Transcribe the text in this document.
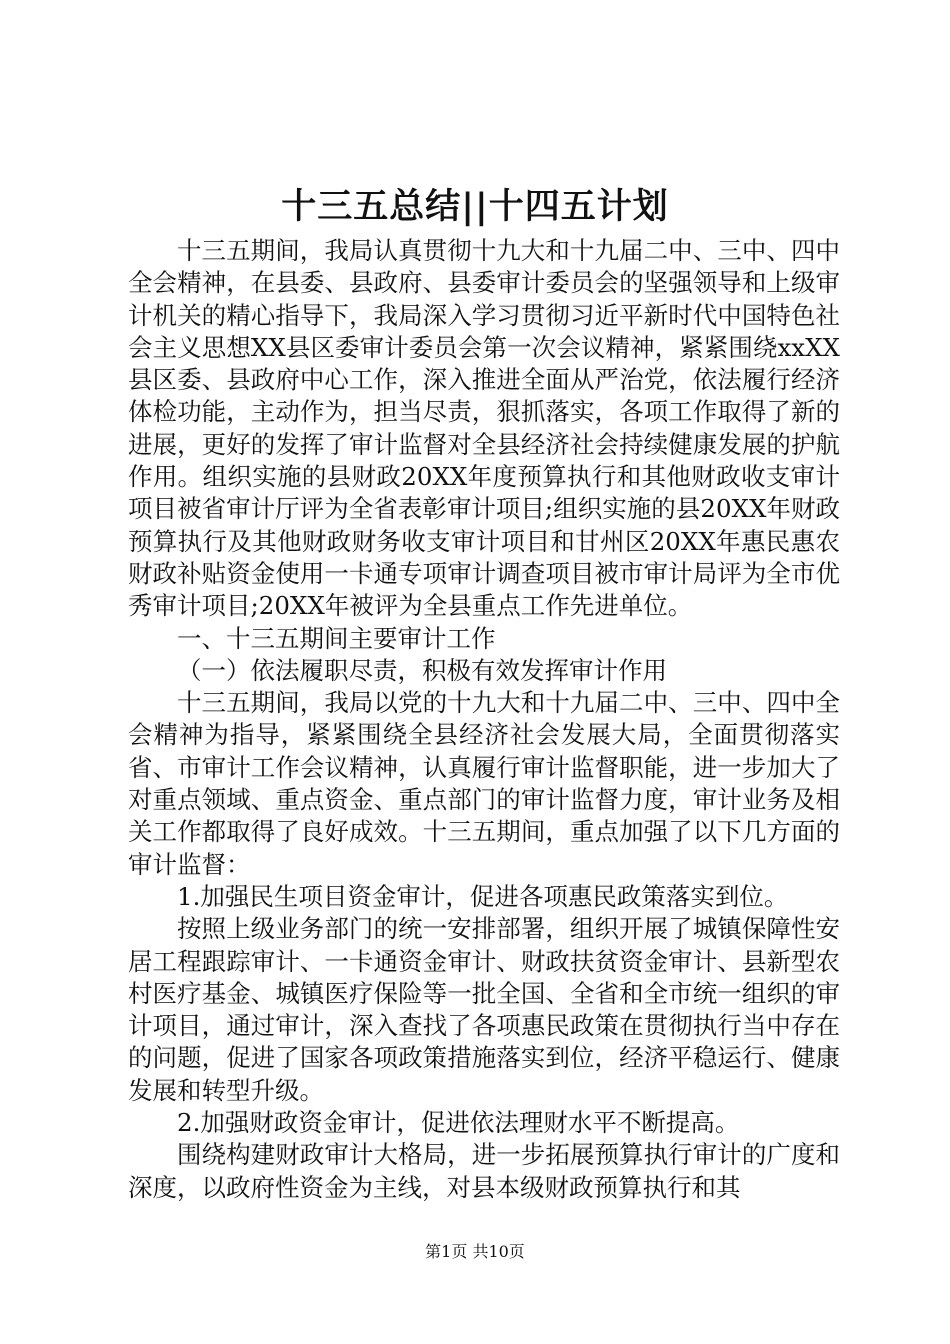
十三五总结||十四五计划

十三五期间，我局认真贯彻十九大和十九届二中、三中、四中全会精神，在县委、县政府、县委审计委员会的坚强领导和上级审计机关的精心指导下，我局深入学习贯彻习近平新时代中国特色社会主义思想XX县区委审计委员会第一次会议精神，紧紧围绕xxXX县区委、县政府中心工作，深入推进全面从严治党，依法履行经济体检功能，主动作为，担当尽责，狠抓落实，各项工作取得了新的进展，更好的发挥了审计监督对全县经济社会持续健康发展的护航作用。组织实施的县财政20XX年度预算执行和其他财政收支审计项目被省审计厅评为全省表彰审计项目;组织实施的县20XX年财政预算执行及其他财政财务收支审计项目和甘州区20XX年惠民惠农财政补贴资金使用一卡通专项审计调查项目被市审计局评为全市优秀审计项目;20XX年被评为全县重点工作先进单位。

一、十三五期间主要审计工作

（一）依法履职尽责，积极有效发挥审计作用

十三五期间，我局以党的十九大和十九届二中、三中、四中全会精神为指导，紧紧围绕全县经济社会发展大局，全面贯彻落实省、市审计工作会议精神，认真履行审计监督职能，进一步加大了对重点领域、重点资金、重点部门的审计监督力度，审计业务及相关工作都取得了良好成效。十三五期间，重点加强了以下几方面的审计监督：

1.加强民生项目资金审计，促进各项惠民政策落实到位。

按照上级业务部门的统一安排部署，组织开展了城镇保障性安居工程跟踪审计、一卡通资金审计、财政扶贫资金审计、县新型农村医疗基金、城镇医疗保险等一批全国、全省和全市统一组织的审计项目，通过审计，深入查找了各项惠民政策在贯彻执行当中存在的问题，促进了国家各项政策措施落实到位，经济平稳运行、健康发展和转型升级。

2.加强财政资金审计，促进依法理财水平不断提高。

围绕构建财政审计大格局，进一步拓展预算执行审计的广度和深度，以政府性资金为主线，对县本级财政预算执行和其

第1页 共10页
